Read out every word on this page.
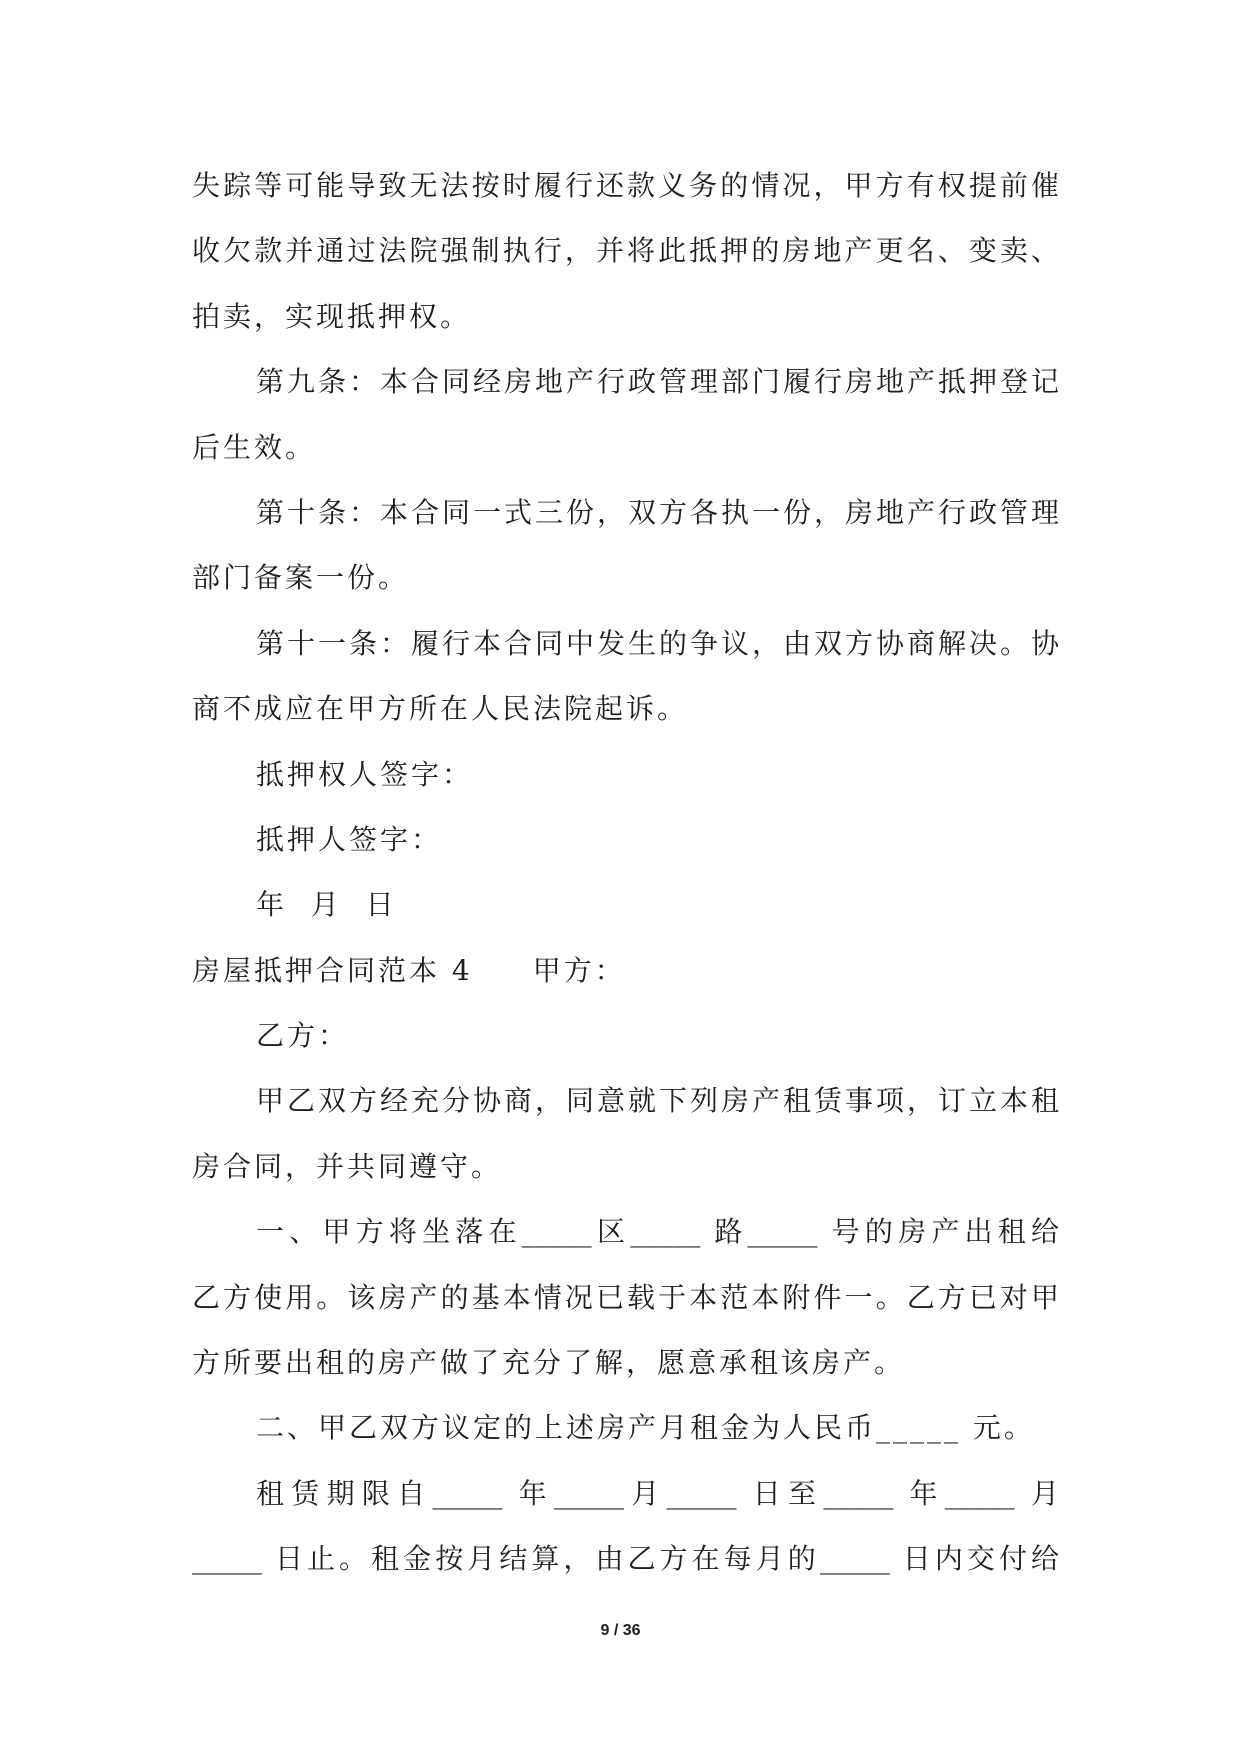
失踪等可能导致无法按时履行还款义务的情况，甲方有权提前催
收欠款并通过法院强制执行，并将此抵押的房地产更名、变卖、
拍卖，实现抵押权。
第九条：本合同经房地产行政管理部门履行房地产抵押登记
后生效。
第十条：本合同一式三份，双方各执一份，房地产行政管理
部门备案一份。
第十一条：履行本合同中发生的争议，由双方协商解决。协
商不成应在甲方所在人民法院起诉。
抵押权人签字：
抵押人签字：
年  月  日
房屋抵押合同范本 4 甲方：
乙方：
甲乙双方经充分协商，同意就下列房产租赁事项，订立本租
房合同，并共同遵守。
一、甲方将坐落在_____区_____ 路_____ 号的房产出租给
乙方使用。该房产的基本情况已载于本范本附件一。乙方已对甲
方所要出租的房产做了充分了解，愿意承租该房产。
二、甲乙双方议定的上述房产月租金为人民币_____ 元。
租赁期限自_____ 年_____月_____ 日至_____ 年_____ 月
_____ 日止。租金按月结算，由乙方在每月的_____ 日内交付给
9 / 36
